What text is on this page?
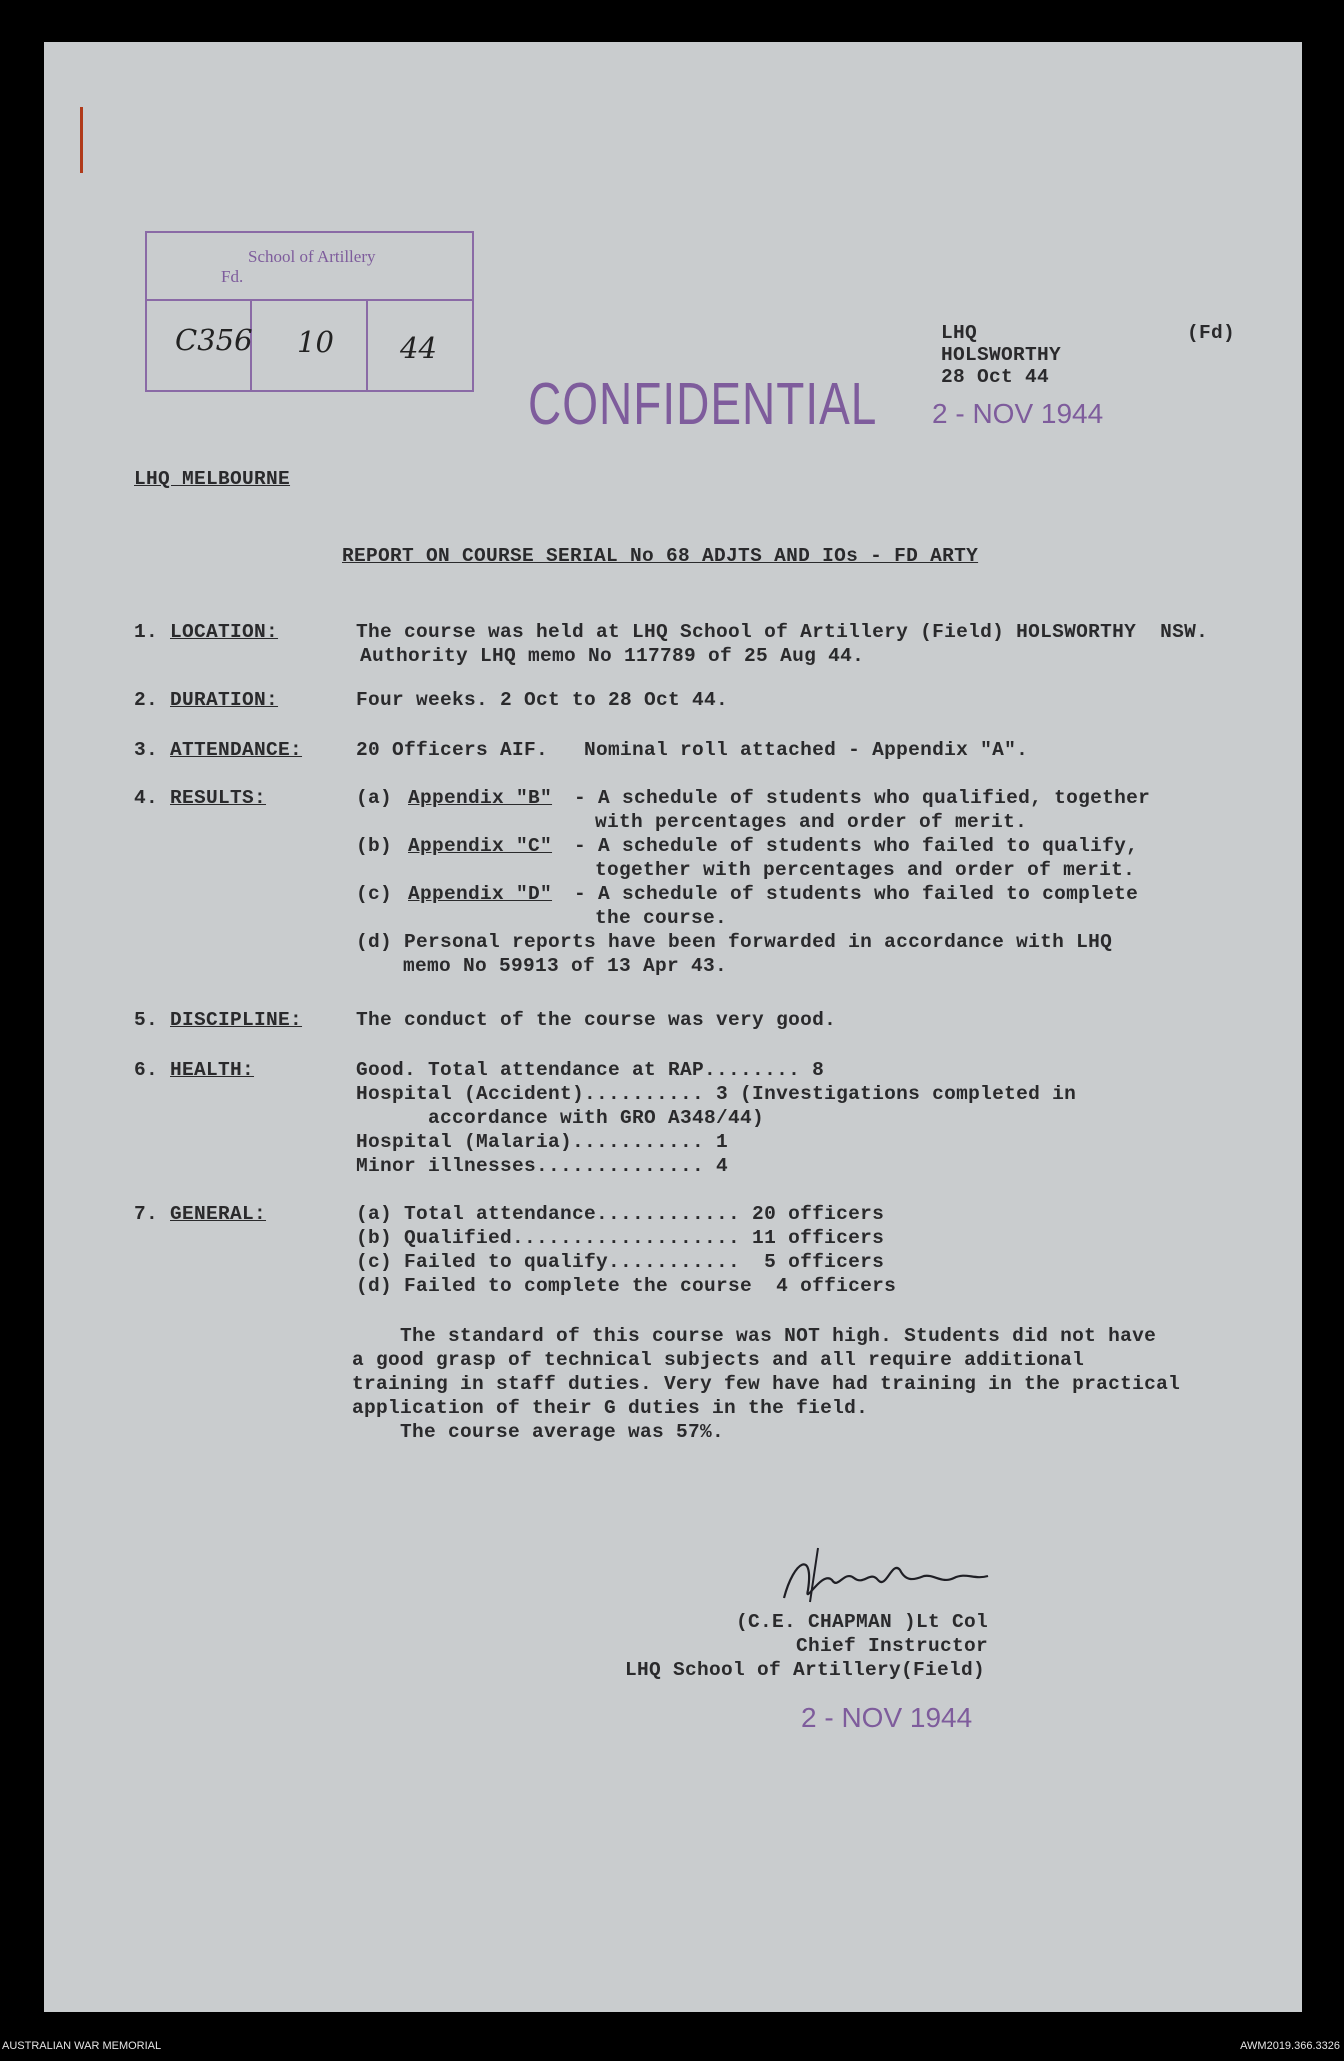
School of Artillery
Fd.
C356 10 44
CONFIDENTIAL
(Fd)
LHQ
HOLSWORTHY
28 Oct 44
2 - NOV 1944
LHQ MELBOURNE
REPORT ON COURSE SERIAL No 68 ADJTS AND IOs - FD ARTY
1. LOCATION:	The course was held at LHQ School of Artillery (Field) HOLSWORTHY  NSW.
Authority LHQ memo No 117789 of 25 Aug 44.
2. DURATION:	Four weeks. 2 Oct to 28 Oct 44.
3. ATTENDANCE:	20 Officers AIF.   Nominal roll attached - Appendix "A".
4. RESULTS:	(a) Appendix "B" - A schedule of students who qualified, together
with percentages and order of merit.
(b) Appendix "C" - A schedule of students who failed to qualify,
together with percentages and order of merit.
(c) Appendix "D" - A schedule of students who failed to complete
the course.
(d) Personal reports have been forwarded in accordance with LHQ
memo No 59913 of 13 Apr 43.
5. DISCIPLINE:	The conduct of the course was very good.
6. HEALTH:	Good. Total attendance at RAP........ 8
Hospital (Accident).......... 3 (Investigations completed in
accordance with GRO A348/44)
Hospital (Malaria)........... 1
Minor illnesses.............. 4
7. GENERAL:	(a) Total attendance............ 20 officers
(b) Qualified................... 11 officers
(c) Failed to qualify...........  5 officers
(d) Failed to complete the course  4 officers
The standard of this course was NOT high. Students did not have
a good grasp of technical subjects and all require additional
training in staff duties. Very few have had training in the practical
application of their G duties in the field.
The course average was 57%.
(C.E. CHAPMAN )Lt Col
Chief Instructor
LHQ School of Artillery(Field)
2 - NOV 1944
AUSTRALIAN WAR MEMORIAL	AWM2019.366.3326
